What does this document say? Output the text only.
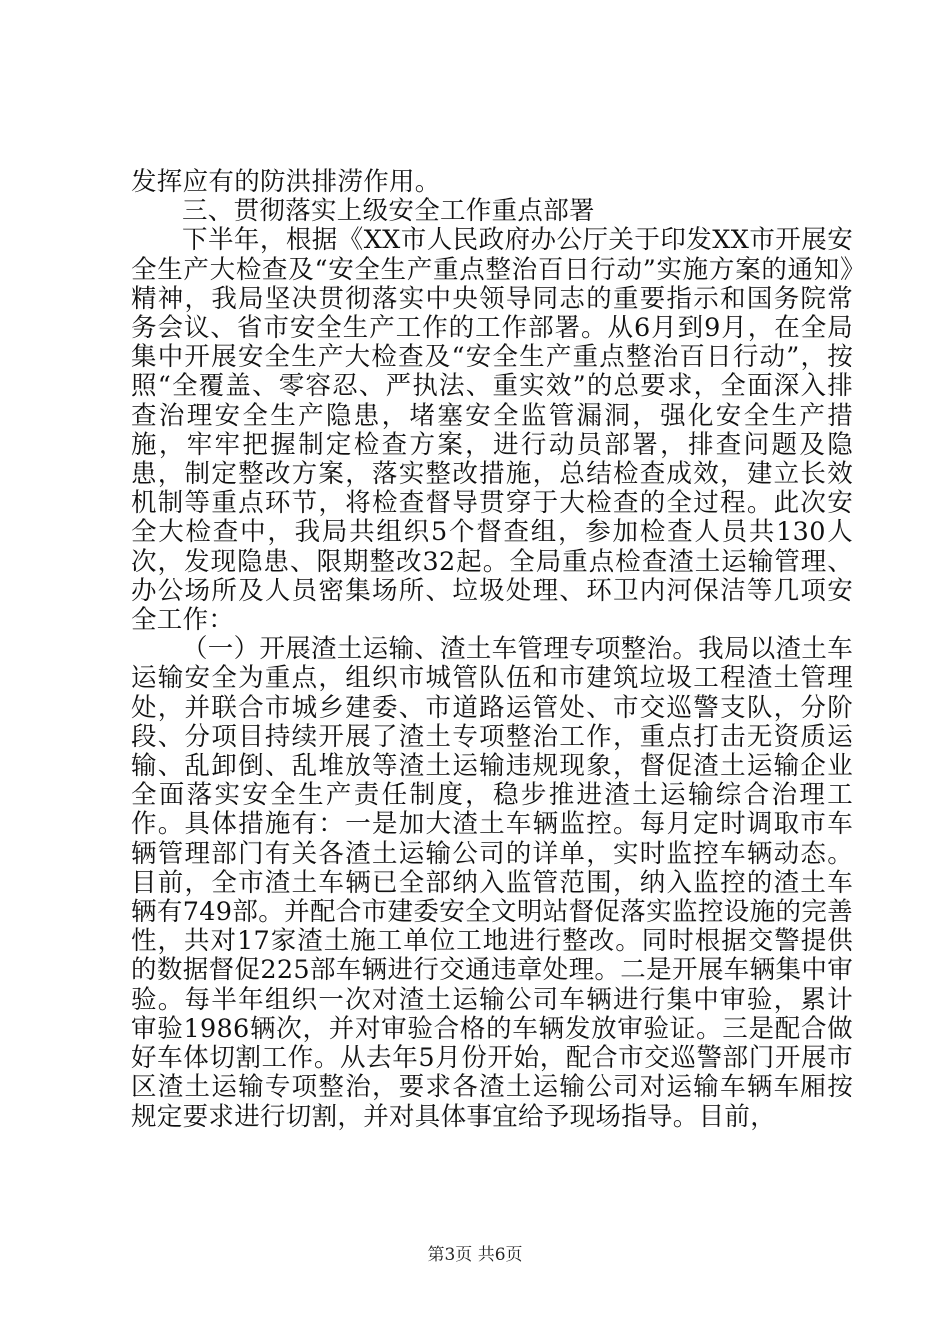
发挥应有的防洪排涝作用。

三、贯彻落实上级安全工作重点部署

下半年，根据《XX市人民政府办公厅关于印发XX市开展安全生产大检查及“安全生产重点整治百日行动”实施方案的通知》精神，我局坚决贯彻落实中央领导同志的重要指示和国务院常务会议、省市安全生产工作的工作部署。从6月到9月，在全局集中开展安全生产大检查及“安全生产重点整治百日行动”，按照“全覆盖、零容忍、严执法、重实效”的总要求，全面深入排查治理安全生产隐患，堵塞安全监管漏洞，强化安全生产措施，牢牢把握制定检查方案，进行动员部署，排查问题及隐患，制定整改方案，落实整改措施，总结检查成效，建立长效机制等重点环节，将检查督导贯穿于大检查的全过程。此次安全大检查中，我局共组织5个督查组，参加检查人员共130人次，发现隐患、限期整改32起。全局重点检查渣土运输管理、办公场所及人员密集场所、垃圾处理、环卫内河保洁等几项安全工作：

（一）开展渣土运输、渣土车管理专项整治。我局以渣土车运输安全为重点，组织市城管队伍和市建筑垃圾工程渣土管理处，并联合市城乡建委、市道路运管处、市交巡警支队，分阶段、分项目持续开展了渣土专项整治工作，重点打击无资质运输、乱卸倒、乱堆放等渣土运输违规现象，督促渣土运输企业全面落实安全生产责任制度，稳步推进渣土运输综合治理工作。具体措施有：一是加大渣土车辆监控。每月定时调取市车辆管理部门有关各渣土运输公司的详单，实时监控车辆动态。目前，全市渣土车辆已全部纳入监管范围，纳入监控的渣土车辆有749部。并配合市建委安全文明站督促落实监控设施的完善性，共对17家渣土施工单位工地进行整改。同时根据交警提供的数据督促225部车辆进行交通违章处理。二是开展车辆集中审验。每半年组织一次对渣土运输公司车辆进行集中审验，累计审验1986辆次，并对审验合格的车辆发放审验证。三是配合做好车体切割工作。从去年5月份开始，配合市交巡警部门开展市区渣土运输专项整治，要求各渣土运输公司对运输车辆车厢按规定要求进行切割，并对具体事宜给予现场指导。目前，

第3页 共6页
